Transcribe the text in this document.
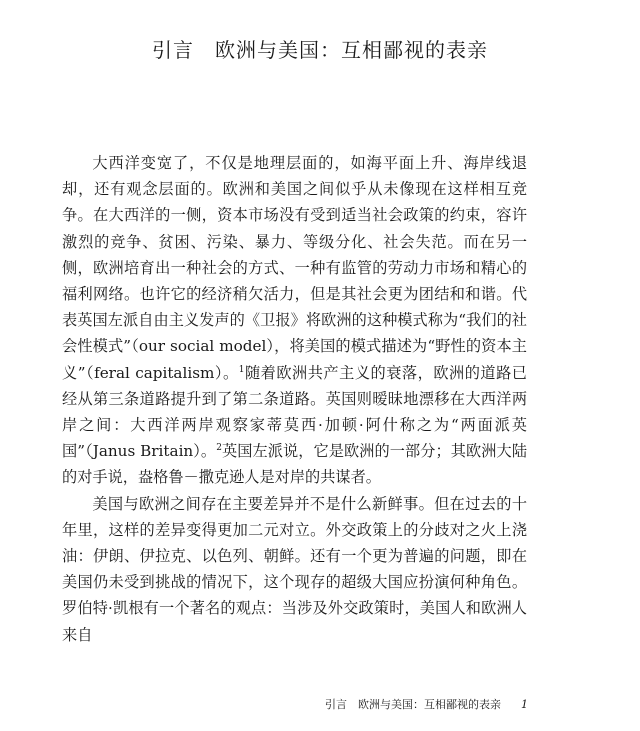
引言　欧洲与美国：互相鄙视的表亲

大西洋变宽了，不仅是地理层面的，如海平面上升、海岸线退却，还有观念层面的。欧洲和美国之间似乎从未像现在这样相互竞争。在大西洋的一侧，资本市场没有受到适当社会政策的约束，容许激烈的竞争、贫困、污染、暴力、等级分化、社会失范。而在另一侧，欧洲培育出一种社会的方式、一种有监管的劳动力市场和精心的福利网络。也许它的经济稍欠活力，但是其社会更为团结和和谐。代表英国左派自由主义发声的《卫报》将欧洲的这种模式称为“我们的社会性模式”（our social model），将美国的模式描述为“野性的资本主义”（feral capitalism）。$^1$随着欧洲共产主义的衰落，欧洲的道路已经从第三条道路提升到了第二条道路。英国则暧昧地漂移在大西洋两岸之间：大西洋两岸观察家蒂莫西·加顿·阿什称之为“两面派英国”（Janus Britain）。$^2$英国左派说，它是欧洲的一部分；其欧洲大陆的对手说，盎格鲁－撒克逊人是对岸的共谋者。

美国与欧洲之间存在主要差异并不是什么新鲜事。但在过去的十年里，这样的差异变得更加二元对立。外交政策上的分歧对之火上浇油：伊朗、伊拉克、以色列、朝鲜。还有一个更为普遍的问题，即在美国仍未受到挑战的情况下，这个现存的超级大国应扮演何种角色。罗伯特·凯根有一个著名的观点：当涉及外交政策时，美国人和欧洲人来自

引言　欧洲与美国：互相鄙视的表亲 1
